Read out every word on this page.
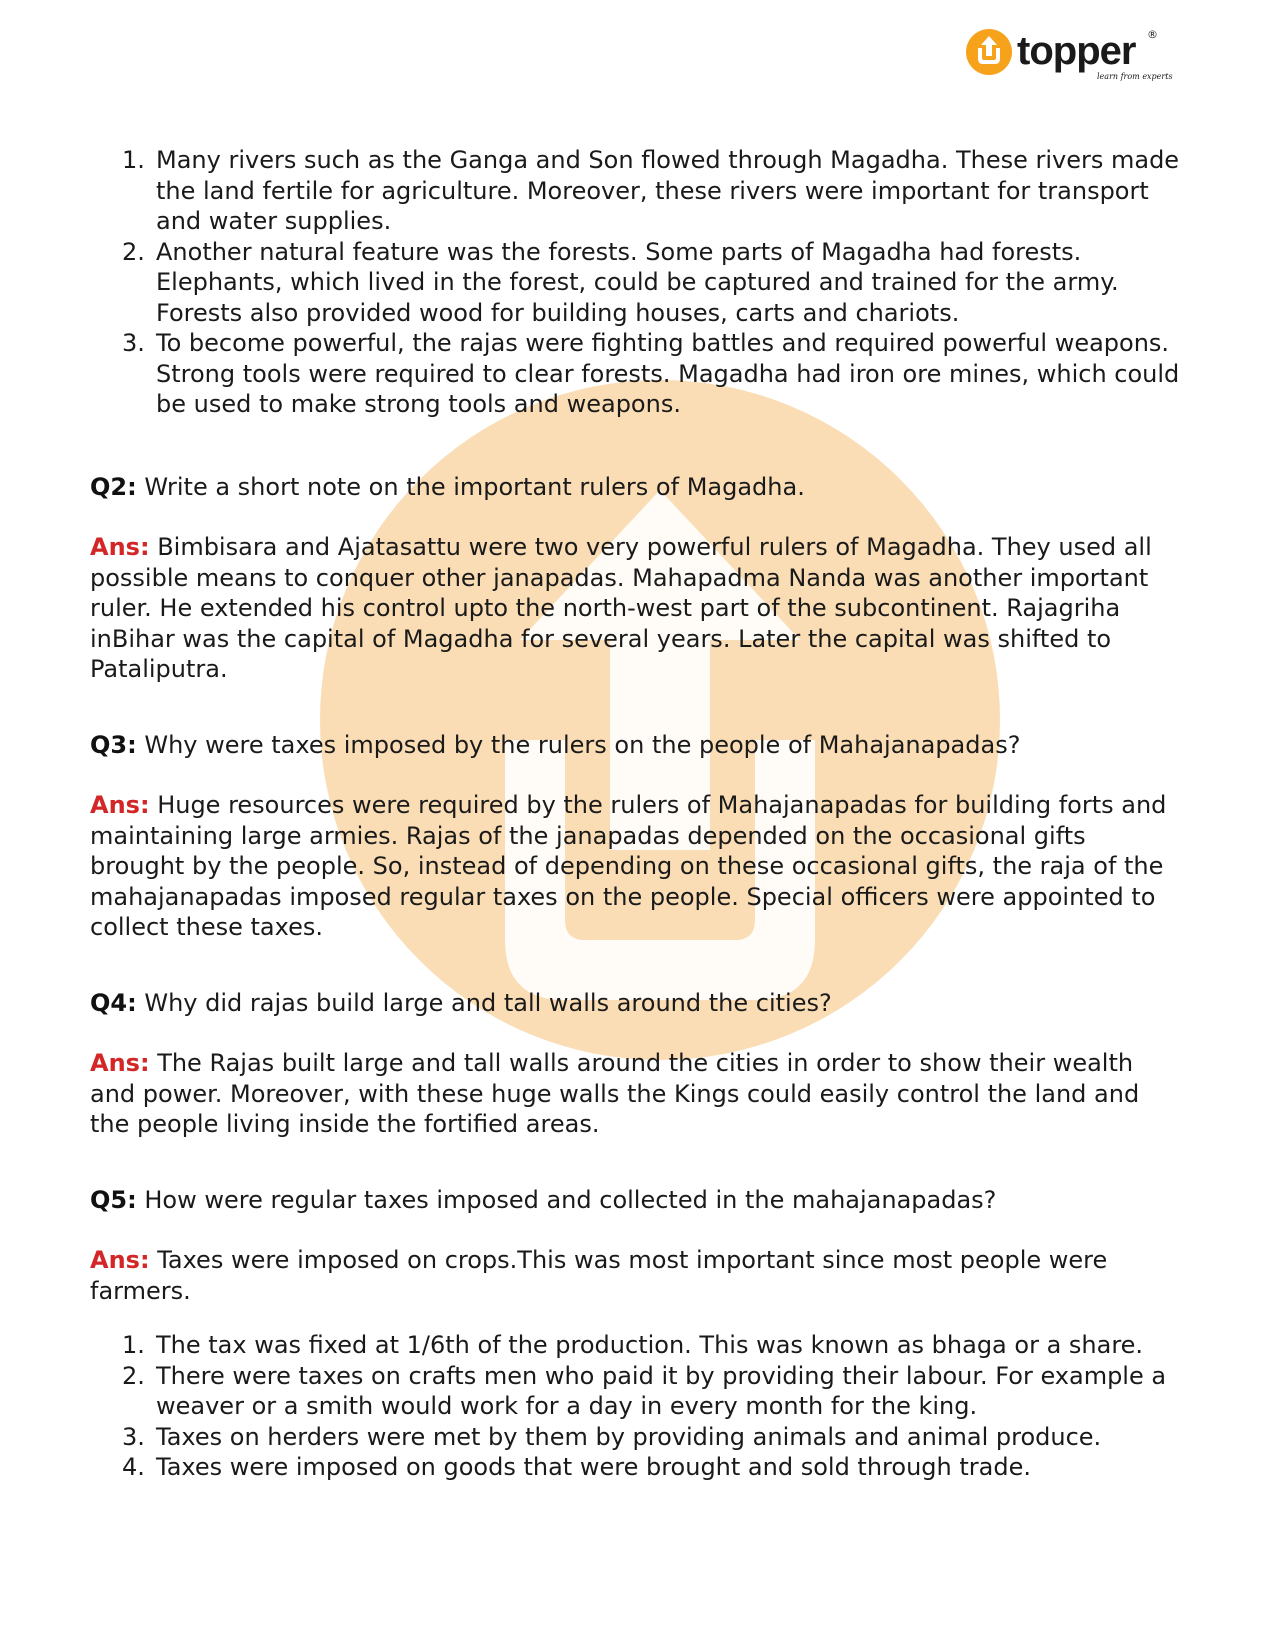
topper ®
learn from experts
1. Many rivers such as the Ganga and Son flowed through Magadha. These rivers made the land fertile for agriculture. Moreover, these rivers were important for transport and water supplies.
2. Another natural feature was the forests. Some parts of Magadha had forests. Elephants, which lived in the forest, could be captured and trained for the army. Forests also provided wood for building houses, carts and chariots.
3. To become powerful, the rajas were fighting battles and required powerful weapons. Strong tools were required to clear forests. Magadha had iron ore mines, which could be used to make strong tools and weapons.

Q2: Write a short note on the important rulers of Magadha.

Ans: Bimbisara and Ajatasattu were two very powerful rulers of Magadha. They used all possible means to conquer other janapadas. Mahapadma Nanda was another important ruler. He extended his control upto the north-west part of the subcontinent. Rajagriha inBihar was the capital of Magadha for several years. Later the capital was shifted to Pataliputra.

Q3: Why were taxes imposed by the rulers on the people of Mahajanapadas?

Ans: Huge resources were required by the rulers of Mahajanapadas for building forts and maintaining large armies. Rajas of the janapadas depended on the occasional gifts brought by the people. So, instead of depending on these occasional gifts, the raja of the mahajanapadas imposed regular taxes on the people. Special officers were appointed to collect these taxes.

Q4: Why did rajas build large and tall walls around the cities?

Ans: The Rajas built large and tall walls around the cities in order to show their wealth and power. Moreover, with these huge walls the Kings could easily control the land and the people living inside the fortified areas.

Q5: How were regular taxes imposed and collected in the mahajanapadas?

Ans: Taxes were imposed on crops.This was most important since most people were farmers.

1. The tax was fixed at 1/6th of the production. This was known as bhaga or a share.
2. There were taxes on crafts men who paid it by providing their labour. For example a weaver or a smith would work for a day in every month for the king.
3. Taxes on herders were met by them by providing animals and animal produce.
4. Taxes were imposed on goods that were brought and sold through trade.
